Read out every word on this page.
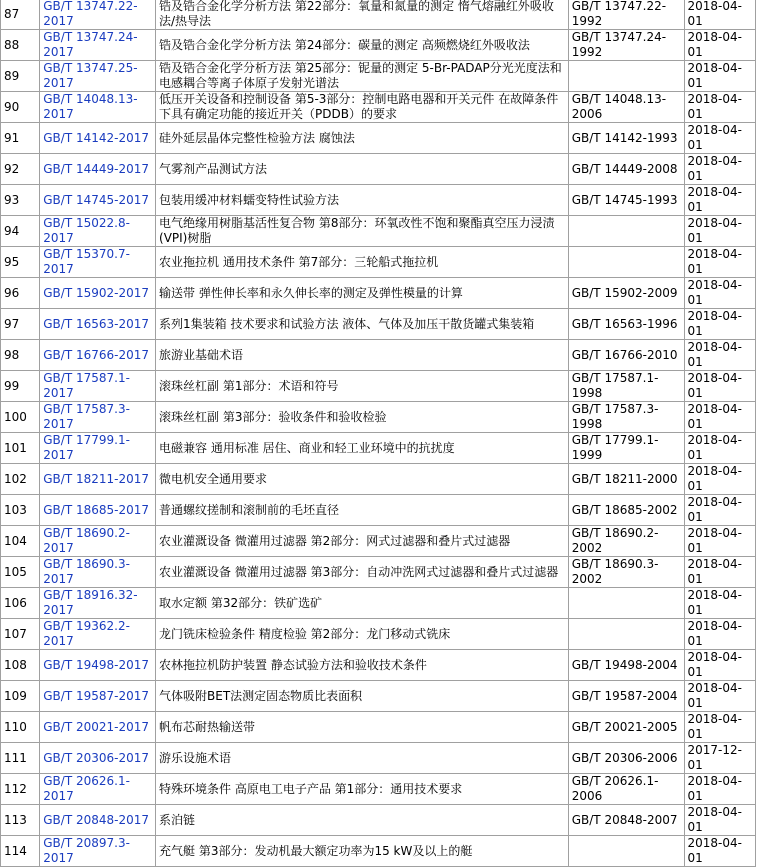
87	GB/T 13747.22-2017	锆及锆合金化学分析方法 第22部分：氧量和氮量的测定 惰气熔融红外吸收法/热导法	GB/T 13747.22-1992	2018-04-01
88	GB/T 13747.24-2017	锆及锆合金化学分析方法 第24部分：碳量的测定 高频燃烧红外吸收法	GB/T 13747.24-1992	2018-04-01
89	GB/T 13747.25-2017	锆及锆合金化学分析方法 第25部分：铌量的测定 5-Br-PADAP分光光度法和电感耦合等离子体原子发射光谱法		2018-04-01
90	GB/T 14048.13-2017	低压开关设备和控制设备 第5-3部分：控制电路电器和开关元件 在故障条件下具有确定功能的接近开关（PDDB）的要求	GB/T 14048.13-2006	2018-04-01
91	GB/T 14142-2017	硅外延层晶体完整性检验方法 腐蚀法	GB/T 14142-1993	2018-04-01
92	GB/T 14449-2017	气雾剂产品测试方法	GB/T 14449-2008	2018-04-01
93	GB/T 14745-2017	包装用缓冲材料蠕变特性试验方法	GB/T 14745-1993	2018-04-01
94	GB/T 15022.8-2017	电气绝缘用树脂基活性复合物 第8部分：环氧改性不饱和聚酯真空压力浸渍(VPI)树脂		2018-04-01
95	GB/T 15370.7-2017	农业拖拉机 通用技术条件 第7部分：三轮船式拖拉机		2018-04-01
96	GB/T 15902-2017	输送带 弹性伸长率和永久伸长率的测定及弹性模量的计算	GB/T 15902-2009	2018-04-01
97	GB/T 16563-2017	系列1集装箱 技术要求和试验方法 液体、气体及加压干散货罐式集装箱	GB/T 16563-1996	2018-04-01
98	GB/T 16766-2017	旅游业基础术语	GB/T 16766-2010	2018-04-01
99	GB/T 17587.1-2017	滚珠丝杠副 第1部分：术语和符号	GB/T 17587.1-1998	2018-04-01
100	GB/T 17587.3-2017	滚珠丝杠副 第3部分：验收条件和验收检验	GB/T 17587.3-1998	2018-04-01
101	GB/T 17799.1-2017	电磁兼容 通用标准 居住、商业和轻工业环境中的抗扰度	GB/T 17799.1-1999	2018-04-01
102	GB/T 18211-2017	微电机安全通用要求	GB/T 18211-2000	2018-04-01
103	GB/T 18685-2017	普通螺纹搓制和滚制前的毛坯直径	GB/T 18685-2002	2018-04-01
104	GB/T 18690.2-2017	农业灌溉设备 微灌用过滤器 第2部分：网式过滤器和叠片式过滤器	GB/T 18690.2-2002	2018-04-01
105	GB/T 18690.3-2017	农业灌溉设备 微灌用过滤器 第3部分：自动冲洗网式过滤器和叠片式过滤器	GB/T 18690.3-2002	2018-04-01
106	GB/T 18916.32-2017	取水定额 第32部分：铁矿选矿		2018-04-01
107	GB/T 19362.2-2017	龙门铣床检验条件 精度检验 第2部分：龙门移动式铣床		2018-04-01
108	GB/T 19498-2017	农林拖拉机防护装置 静态试验方法和验收技术条件	GB/T 19498-2004	2018-04-01
109	GB/T 19587-2017	气体吸附BET法测定固态物质比表面积	GB/T 19587-2004	2018-04-01
110	GB/T 20021-2017	帆布芯耐热输送带	GB/T 20021-2005	2018-04-01
111	GB/T 20306-2017	游乐设施术语	GB/T 20306-2006	2017-12-01
112	GB/T 20626.1-2017	特殊环境条件 高原电工电子产品 第1部分：通用技术要求	GB/T 20626.1-2006	2018-04-01
113	GB/T 20848-2017	系泊链	GB/T 20848-2007	2018-04-01
114	GB/T 20897.3-2017	充气艇 第3部分：发动机最大额定功率为15 kW及以上的艇		2018-04-01
